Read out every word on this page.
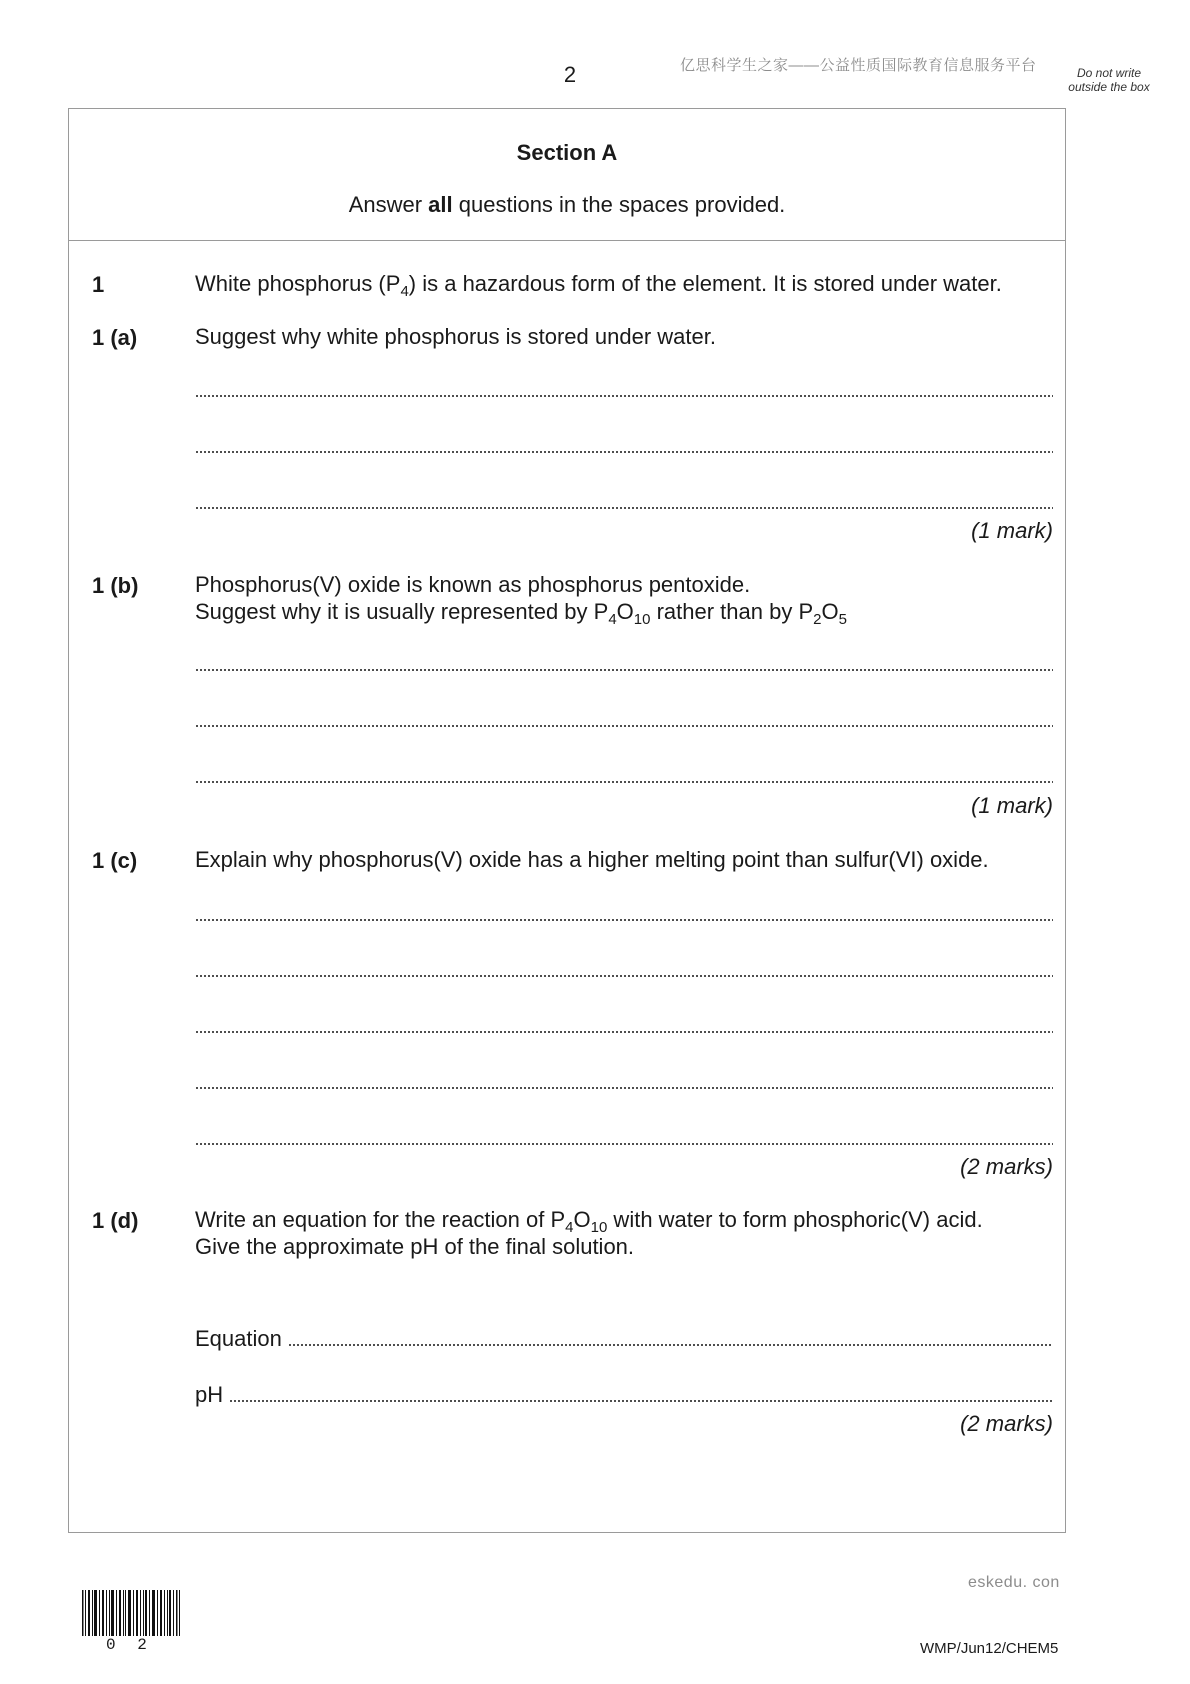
2	亿思科学生之家——公益性质国际教育信息服务平台	Do not write outside the box
Section A
Answer all questions in the spaces provided.
1	White phosphorus $(P_4)$ is a hazardous form of the element. It is stored under water.
1 (a)	Suggest why white phosphorus is stored under water.
(1 mark)
1 (b)	Phosphorus(V) oxide is known as phosphorus pentoxide.
Suggest why it is usually represented by $P_4O_{10}$ rather than by $P_2O_5$
(1 mark)
1 (c)	Explain why phosphorus(V) oxide has a higher melting point than sulfur(VI) oxide.
(2 marks)
1 (d)	Write an equation for the reaction of $P_4O_{10}$ with water to form phosphoric(V) acid.
Give the approximate pH of the final solution.
Equation
pH
(2 marks)
eskedu. con
0 2	WMP/Jun12/CHEM5
